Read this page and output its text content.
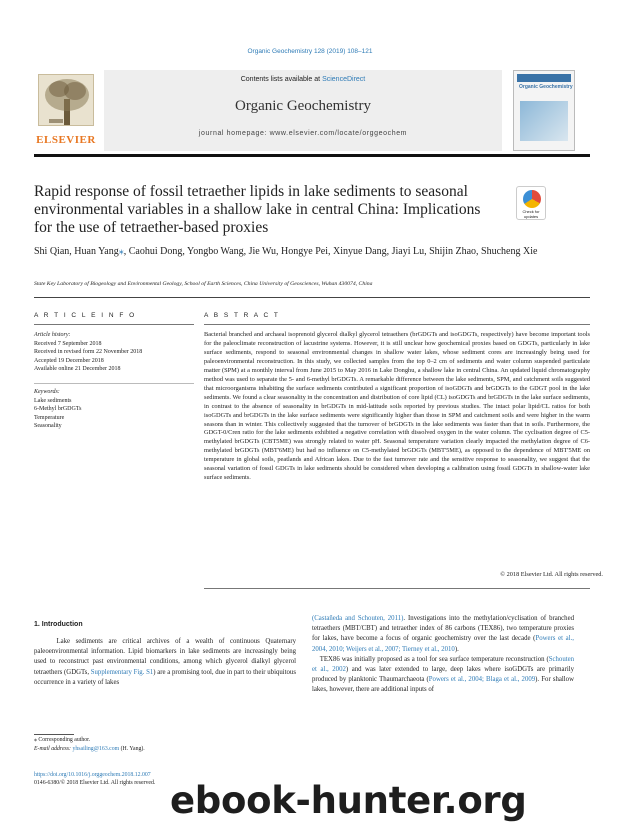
Organic Geochemistry 128 (2019) 108–121
ELSEVIER
Contents lists available at ScienceDirect
Organic Geochemistry
journal homepage: www.elsevier.com/locate/orggeochem
Organic Geochemistry
Rapid response of fossil tetraether lipids in lake sediments to seasonal environmental variables in a shallow lake in central China: Implications for the use of tetraether-based proxies
Check for updates
Shi Qian, Huan Yang⁎, Caohui Dong, Yongbo Wang, Jie Wu, Hongye Pei, Xinyue Dang, Jiayi Lu, Shijin Zhao, Shucheng Xie
State Key Laboratory of Biogeology and Environmental Geology, School of Earth Sciences, China University of Geosciences, Wuhan 430074, China
A R T I C L E I N F O	A B S T R A C T
Article history:
Received 7 September 2018
Received in revised form 22 November 2018
Accepted 19 December 2018
Available online 21 December 2018
Keywords:
Lake sediments
6-Methyl brGDGTs
Temperature
Seasonality
Bacterial branched and archaeal isoprenoid glycerol dialkyl glycerol tetraethers (brGDGTs and isoGDGTs, respectively) have become important tools for the paleoclimate reconstruction of lacustrine systems. However, it is still unclear how geochemical proxies based on GDGTs, particularly in lake surface sediments, respond to seasonal environmental changes in shallow water lakes, whose sediment cores are increasingly being used for paleoenvironmental reconstruction. In this study, we collected samples from the top 0–2 cm of sediments and water column suspended particulate matter (SPM) at a monthly interval from June 2015 to May 2016 in Lake Donghu, a shallow lake in central China. An updated liquid chromatography method was used to separate the 5- and 6-methyl brGDGTs. A remarkable difference between the lake sediments, SPM, and catchment soils suggested that microorganisms inhabiting the surface sediments contributed a significant proportion of isoGDGTs and brGDGTs to the GDGT pool in the lake sediments. We found a clear seasonality in the concentration and distribution of core lipid (CL) isoGDGTs and brGDGTs in the lake surface sediments, in contrast to the absence of seasonality in brGDGTs in mid-latitude soils reported by previous studies. The intact polar lipid/CL ratios for both isoGDGTs and brGDGTs in the lake surface sediments were significantly higher than those in SPM and catchment soils and were higher in the warm seasons than in winter. This collectively suggested that the turnover of brGDGTs in the lake sediments was faster than that in soils. Furthermore, the GDGT-0/Cren ratio for the lake sediments exhibited a negative correlation with dissolved oxygen in the water column. The cyclisation degree of C5-methylated brGDGTs (CBT5ME) was strongly related to water pH. Seasonal temperature variation clearly impacted the methylation degree of C6-methylated brGDGTs (MBT'6ME) but had no influence on C5-methylated brGDGTs (MBT'5ME), as opposed to the dependence of MBT'5ME on temperature in global soils, peatlands and African lakes. Due to the fast turnover rate and the sensitive response to seasonality, we suggest that the seasonal variation of fossil GDGTs in lake sediments should be considered when developing a calibration using fossil GDGTs in shallow-water lake surface sediments.
© 2018 Elsevier Ltd. All rights reserved.
1. Introduction
Lake sediments are critical archives of a wealth of continuous Quaternary paleoenvironmental information. Lipid biomarkers in lake sediments are increasingly being used to reconstruct past environmental conditions, among which glycerol dialkyl glycerol tetraethers (GDGTs, Supplementary Fig. S1) are a promising tool, due in part to their ubiquitous occurrence in a variety of lakes
(Castañeda and Schouten, 2011). Investigations into the methylation/cyclisation of branched tetraethers (MBT/CBT) and tetraether index of 86 carbons (TEX86), two temperature proxies for lakes, have become a focus of organic geochemistry over the last decade (Powers et al., 2004, 2010; Weijers et al., 2007; Tierney et al., 2010).
TEX86 was initially proposed as a tool for sea surface temperature reconstruction (Schouten et al., 2002) and was later extended to large, deep lakes where isoGDGTs are primarily produced by planktonic Thaumarchaeota (Powers et al., 2004; Blaga et al., 2009). For shallow lakes, however, there are additional inputs of
⁎ Corresponding author.
E-mail address: yhsailing@163.com (H. Yang).
https://doi.org/10.1016/j.orggeochem.2018.12.007
0146-6380/© 2018 Elsevier Ltd. All rights reserved. ebook-hunter.org
